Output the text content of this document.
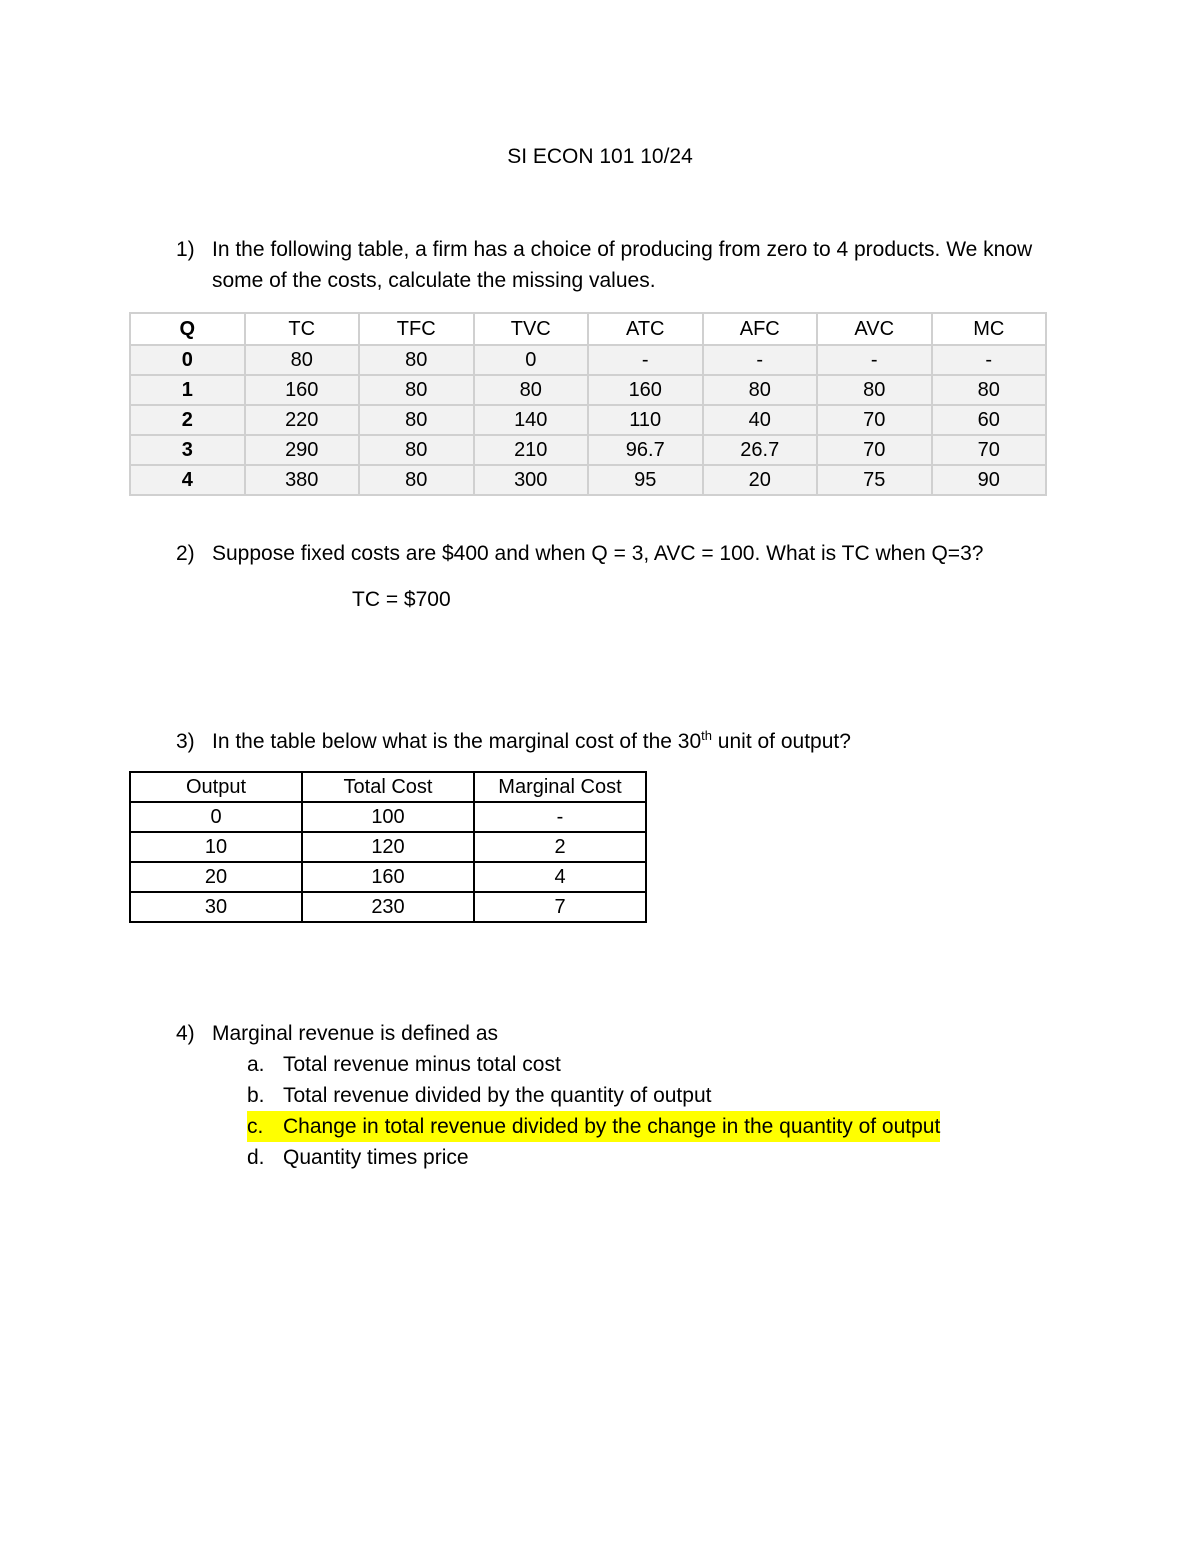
SI ECON 101 10/24
1) In the following table, a firm has a choice of producing from zero to 4 products. We know some of the costs, calculate the missing values.
Q	TC	TFC	TVC	ATC	AFC	AVC	MC
0	80	80	0	-	-	-	-
1	160	80	80	160	80	80	80
2	220	80	140	110	40	70	60
3	290	80	210	96.7	26.7	70	70
4	380	80	300	95	20	75	90
2) Suppose fixed costs are $400 and when Q = 3, AVC = 100. What is TC when Q=3?
TC = $700
3) In the table below what is the marginal cost of the 30th unit of output?
Output	Total Cost	Marginal Cost
0	100	-
10	120	2
20	160	4
30	230	7
4) Marginal revenue is defined as
a. Total revenue minus total cost
b. Total revenue divided by the quantity of output
c. Change in total revenue divided by the change in the quantity of output
d. Quantity times price
